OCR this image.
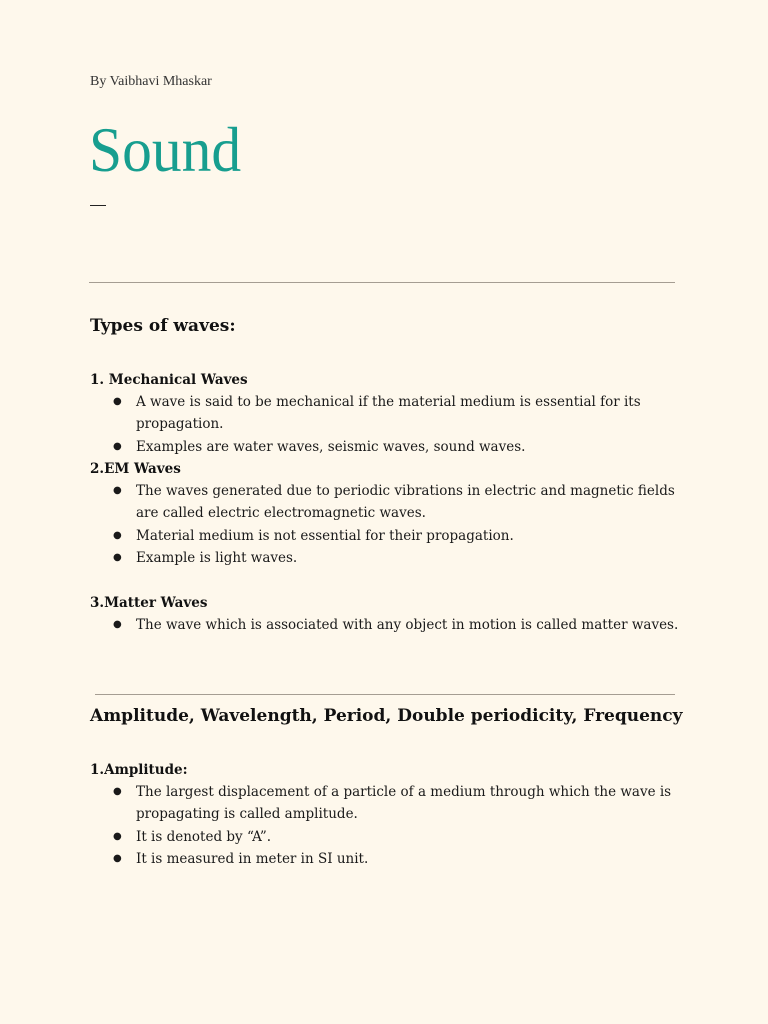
By Vaibhavi Mhaskar
Sound
Types of waves:
1. Mechanical Waves
● A wave is said to be mechanical if the material medium is essential for its propagation.
● Examples are water waves, seismic waves, sound waves.
2.EM Waves
● The waves generated due to periodic vibrations in electric and magnetic fields are called electric electromagnetic waves.
● Material medium is not essential for their propagation.
● Example is light waves.
3.Matter Waves
● The wave which is associated with any object in motion is called matter waves.
Amplitude, Wavelength, Period, Double periodicity, Frequency
1.Amplitude:
● The largest displacement of a particle of a medium through which the wave is propagating is called amplitude.
● It is denoted by “A”.
● It is measured in meter in SI unit.
